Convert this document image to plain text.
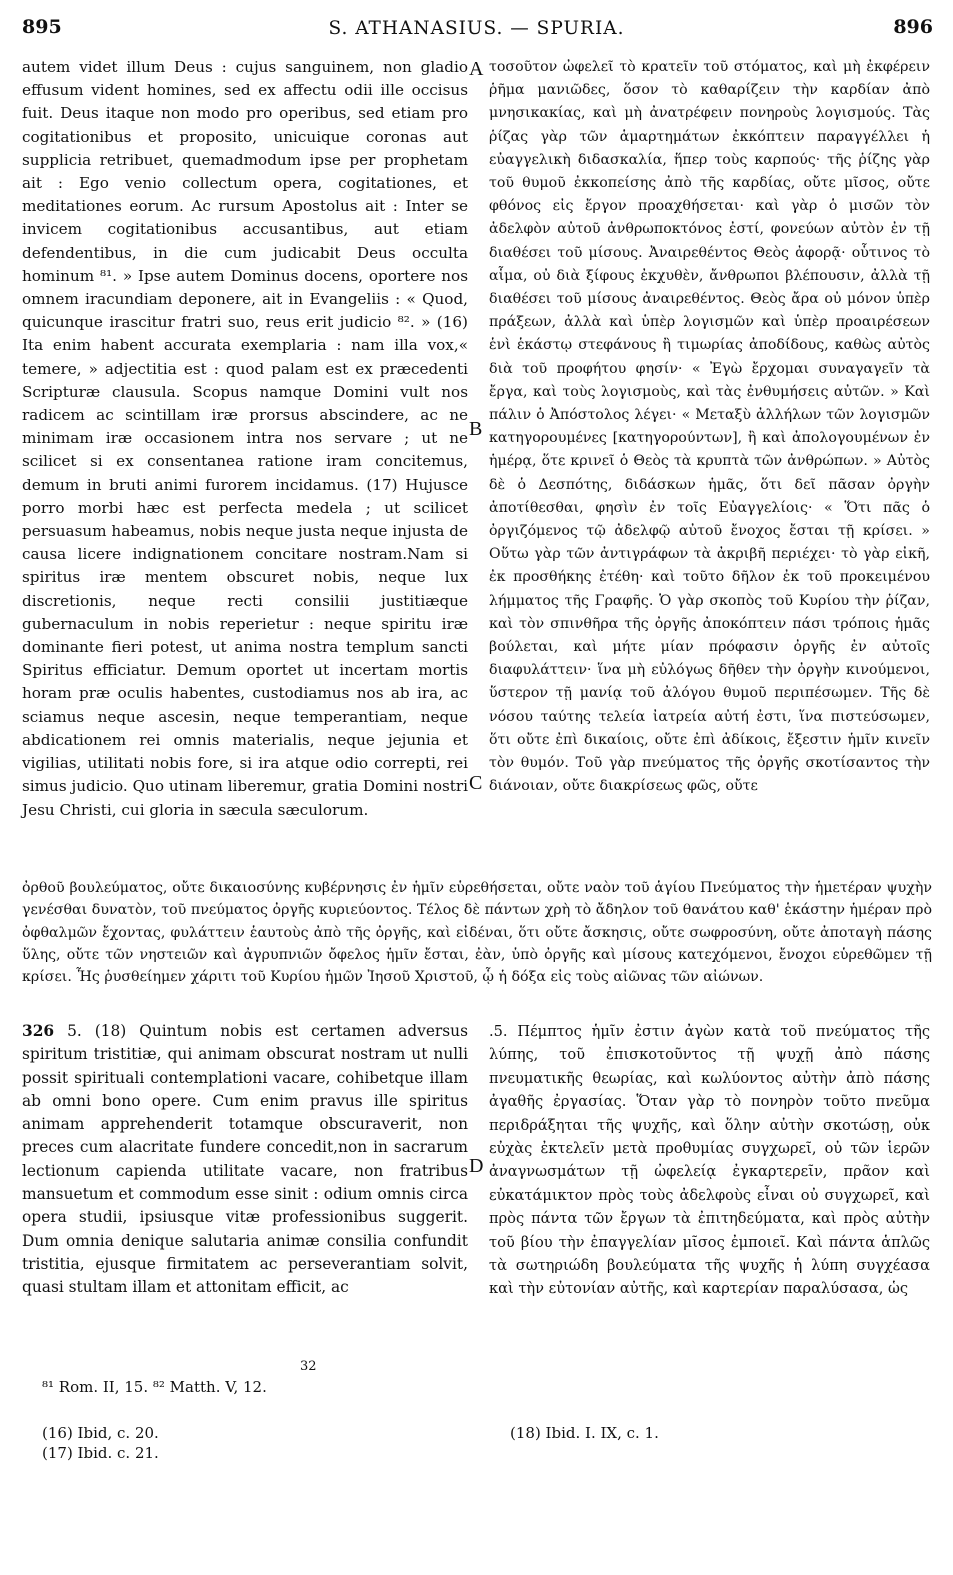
895	S. ATHANASIUS. — SPURIA.	896

autem videt illum Deus : cujus sanguinem, non gladio effusum vident homines, sed ex affectu odii ille occisus fuit. Deus itaque non modo pro operibus, sed etiam pro cogitationibus et proposito, unicuique coronas aut supplicia retribuet, quemadmodum ipse per prophetam ait : Ego venio collectum opera, cogitationes, et meditationes eorum. Ac rursum Apostolus ait : Inter se invicem cogitationibus accusantibus, aut etiam defendentibus, in die cum judicabit Deus occulta hominum ⁸¹. » Ipse autem Dominus docens, oportere nos omnem iracundiam deponere, ait in Evangeliis : « Quod, quicunque irascitur fratri suo, reus erit judicio ⁸². » (16) Ita enim habent accurata exemplaria : nam illa vox,« temere, » adjectitia est : quod palam est ex præcedenti Scripturæ clausula. Scopus namque Domini vult nos radicem ac scintillam iræ prorsus abscindere, ac ne minimam iræ occasionem intra nos servare ; ut ne scilicet si ex consentanea ratione iram concitemus, demum in bruti animi furorem incidamus. (17) Hujusce porro morbi hæc est perfecta medela ; ut scilicet persuasum habeamus, nobis neque justa neque injusta de causa licere indignationem concitare nostram.Nam si spiritus iræ mentem obscuret nobis, neque lux discretionis, neque recti consilii justitiæque gubernaculum in nobis reperietur : neque spiritu iræ dominante fieri potest, ut anima nostra templum sancti Spiritus efficiatur. Demum oportet ut incertam mortis horam præ oculis habentes, custodiamus nos ab ira, ac sciamus neque ascesin, neque temperantiam, neque abdicationem rei omnis materialis, neque jejunia et vigilias, utilitati nobis fore, si ira atque odio correpti, rei simus judicio. Quo utinam liberemur, gratia Domini nostri Jesu Christi, cui gloria in sæcula sæculorum.

τοσοῦτον ὠφελεῖ τὸ κρατεῖν τοῦ στόματος, καὶ μὴ ἐκφέρειν ῥῆμα μανιῶδες, ὅσον τὸ καθαρίζειν τὴν καρδίαν ἀπὸ μνησικακίας, καὶ μὴ ἀνατρέφειν πονηροὺς λογισμούς. Τὰς ῥίζας γὰρ τῶν ἁμαρτημάτων ἐκκόπτειν παραγγέλλει ἡ εὐαγγελικὴ διδασκαλία, ἥπερ τοὺς καρπούς· τῆς ῥίζης γὰρ τοῦ θυμοῦ ἐκκοπείσης ἀπὸ τῆς καρδίας, οὔτε μῖσος, οὔτε φθόνος εἰς ἔργον προαχθήσεται· καὶ γὰρ ὁ μισῶν τὸν ἀδελφὸν αὐτοῦ ἀνθρωποκτόνος ἐστί, φονεύων αὐτὸν ἐν τῇ διαθέσει τοῦ μίσους. Ἀναιρεθέντος Θεὸς ἀφορᾷ· οὗτινος τὸ αἷμα, οὐ διὰ ξίφους ἐκχυθὲν, ἄνθρωποι βλέπουσιν, ἀλλὰ τῇ διαθέσει τοῦ μίσους ἀναιρεθέντος. Θεὸς ἄρα οὐ μόνον ὑπὲρ πράξεων, ἀλλὰ καὶ ὑπὲρ λογισμῶν καὶ ὑπὲρ προαιρέσεων ἑνὶ ἑκάστῳ στεφάνους ἢ τιμωρίας ἀποδίδους, καθὼς αὐτὸς διὰ τοῦ προφήτου φησίν· « Ἐγὼ ἔρχομαι συναγαγεῖν τὰ ἔργα, καὶ τοὺς λογισμοὺς, καὶ τὰς ἐνθυμήσεις αὐτῶν. » Καὶ πάλιν ὁ Ἀπόστολος λέγει· « Μεταξὺ ἀλλήλων τῶν λογισμῶν κατηγορουμένες [κατηγορούντων], ἢ καὶ ἀπολογουμένων ἐν ἡμέρᾳ, ὅτε κρινεῖ ὁ Θεὸς τὰ κρυπτὰ τῶν ἀνθρώπων. » Αὐτὸς δὲ ὁ Δεσπότης, διδάσκων ἡμᾶς, ὅτι δεῖ πᾶσαν ὀργὴν ἀποτίθεσθαι, φησὶν ἐν τοῖς Εὐαγγελίοις· « Ὅτι πᾶς ὁ ὀργιζόμενος τῷ ἀδελφῷ αὐτοῦ ἔνοχος ἔσται τῇ κρίσει. » Οὕτω γὰρ τῶν ἀντιγράφων τὰ ἀκριβῆ περιέχει· τὸ γὰρ εἰκῆ, ἐκ προσθήκης ἐτέθη· καὶ τοῦτο δῆλον ἐκ τοῦ προκειμένου λήμματος τῆς Γραφῆς. Ὁ γὰρ σκοπὸς τοῦ Κυρίου τὴν ῥίζαν, καὶ τὸν σπινθῆρα τῆς ὀργῆς ἀποκόπτειν πάσι τρόποις ἡμᾶς βούλεται, καὶ μήτε μίαν πρόφασιν ὀργῆς ἐν αὐτοῖς διαφυλάττειν· ἵνα μὴ εὐλόγως δῆθεν τὴν ὀργὴν κινούμενοι, ὕστερον τῇ μανίᾳ τοῦ ἀλόγου θυμοῦ περιπέσωμεν. Τῆς δὲ νόσου ταύτης τελεία ἰατρεία αὐτή ἐστι, ἵνα πιστεύσωμεν, ὅτι οὔτε ἐπὶ δικαίοις, οὔτε ἐπὶ ἀδίκοις, ἔξεστιν ἡμῖν κινεῖν τὸν θυμόν. Τοῦ γὰρ πνεύματος τῆς ὀργῆς σκοτίσαντος τὴν διάνοιαν, οὔτε διακρίσεως φῶς, οὔτε

A
B
C
D

ὀρθοῦ βουλεύματος, οὔτε δικαιοσύνης κυβέρνησις ἐν ἡμῖν εὑρεθήσεται, οὔτε ναὸν τοῦ ἁγίου Πνεύματος τὴν ἡμετέραν ψυχὴν γενέσθαι δυνατὸν, τοῦ πνεύματος ὀργῆς κυριεύοντος. Τέλος δὲ πάντων χρὴ τὸ ἄδηλον τοῦ θανάτου καθ' ἑκάστην ἡμέραν πρὸ ὀφθαλμῶν ἔχοντας, φυλάττειν ἑαυτοὺς ἀπὸ τῆς ὀργῆς, καὶ εἰδέναι, ὅτι οὔτε ἄσκησις, οὔτε σωφροσύνη, οὔτε ἀποταγὴ πάσης ὕλης, οὔτε τῶν νηστειῶν καὶ ἀγρυπνιῶν ὄφελος ἡμῖν ἔσται, ἐὰν, ὑπὸ ὀργῆς καὶ μίσους κατεχόμενοι, ἔνοχοι εὑρεθῶμεν τῇ κρίσει. Ἧς ῥυσθείημεν χάριτι τοῦ Κυρίου ἡμῶν Ἰησοῦ Χριστοῦ, ᾧ ἡ δόξα εἰς τοὺς αἰῶνας τῶν αἰώνων.

326 5. (18) Quintum nobis est certamen adversus spiritum tristitiæ, qui animam obscurat nostram ut nulli possit spirituali contemplationi vacare, cohibetque illam ab omni bono opere. Cum enim pravus ille spiritus animam apprehenderit totamque obscuraverit, non preces cum alacritate fundere concedit,non in sacrarum lectionum capienda utilitate vacare, non fratribus mansuetum et commodum esse sinit : odium omnis circa opera studii, ipsiusque vitæ professionibus suggerit. Dum omnia denique salutaria animæ consilia confundit tristitia, ejusque firmitatem ac perseverantiam solvit, quasi stultam illam et attonitam efficit, ac

.5. Πέμπτος ἡμῖν ἐστιν ἀγὼν κατὰ τοῦ πνεύματος τῆς λύπης, τοῦ ἐπισκοτοῦντος τῇ ψυχῇ ἀπὸ πάσης πνευματικῆς θεωρίας, καὶ κωλύοντος αὐτὴν ἀπὸ πάσης ἀγαθῆς ἐργασίας. Ὅταν γὰρ τὸ πονηρὸν τοῦτο πνεῦμα περιδράξηται τῆς ψυχῆς, καὶ ὅλην αὐτὴν σκοτώσῃ, οὐκ εὐχὰς ἐκτελεῖν μετὰ προθυμίας συγχωρεῖ, οὐ τῶν ἱερῶν ἀναγνωσμάτων τῇ ὠφελείᾳ ἐγκαρτερεῖν, πρᾶον καὶ εὐκατάμικτον πρὸς τοὺς ἀδελφοὺς εἶναι οὐ συγχωρεῖ, καὶ πρὸς πάντα τῶν ἔργων τὰ ἐπιτηδεύματα, καὶ πρὸς αὐτὴν τοῦ βίου τὴν ἐπαγγελίαν μῖσος ἐμποιεῖ. Καὶ πάντα ἁπλῶς τὰ σωτηριώδη βουλεύματα τῆς ψυχῆς ἡ λύπη συγχέασα καὶ τὴν εὐτονίαν αὐτῆς, καὶ καρτερίαν παραλύσασα, ὡς

32
⁸¹ Rom. II, 15. ⁸² Matth. V, 12.
(16) Ibid, c. 20.
(17) Ibid. c. 21.
(18) Ibid. I. IX, c. 1.
